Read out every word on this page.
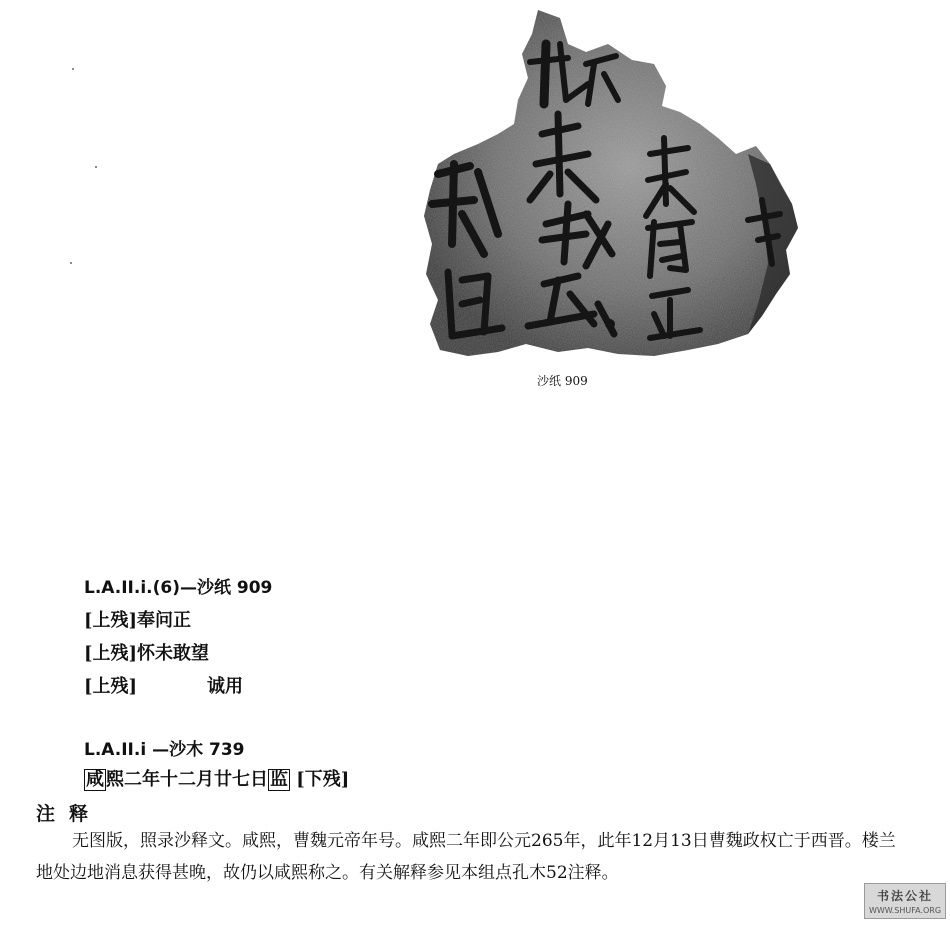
沙纸 909
L.A.II.i.(6)—沙纸 909
[上残]奉问正
[上残]怀未敢望
[上残]	诚用
L.A.II.i —沙木 739
咸 熙二年十二月廿七日 监 [下残]
注释
无图版，照录沙释文。咸熙，曹魏元帝年号。咸熙二年即公元265年，此年12月13日曹魏政权亡于西晋。楼兰地处边地消息获得甚晚，故仍以咸熙称之。有关解释参见本组点孔木52注释。
书法公社
WWW.SHUFA.ORG
